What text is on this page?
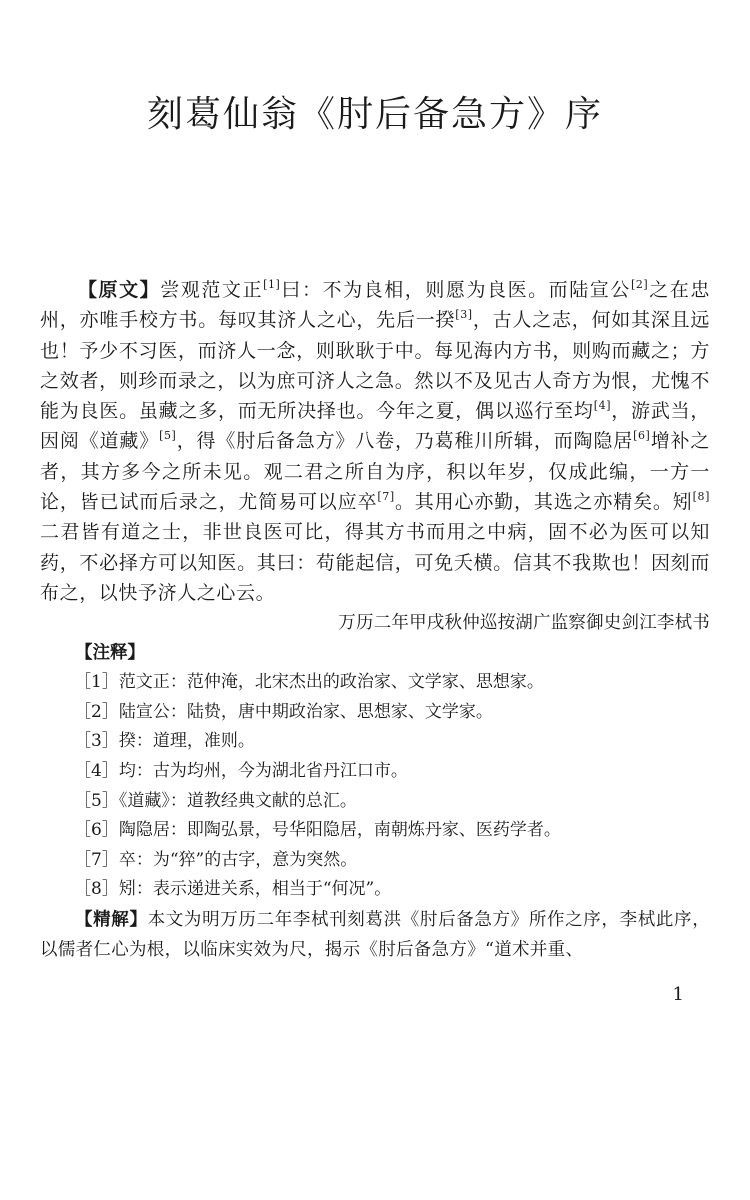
刻葛仙翁《肘后备急方》序

【原文】尝观范文正[1]曰：不为良相，则愿为良医。而陆宣公[2]之在忠州，亦唯手校方书。每叹其济人之心，先后一揆[3]，古人之志，何如其深且远也！予少不习医，而济人一念，则耿耿于中。每见海内方书，则购而藏之；方之效者，则珍而录之，以为庶可济人之急。然以不及见古人奇方为恨，尤愧不能为良医。虽藏之多，而无所决择也。今年之夏，偶以巡行至均[4]，游武当，因阅《道藏》[5]，得《肘后备急方》八卷，乃葛稚川所辑，而陶隐居[6]增补之者，其方多今之所未见。观二君之所自为序，积以年岁，仅成此编，一方一论，皆已试而后录之，尤简易可以应卒[7]。其用心亦勤，其选之亦精矣。矧[8]二君皆有道之士，非世良医可比，得其方书而用之中病，固不必为医可以知药，不必择方可以知医。其曰：苟能起信，可免夭横。信其不我欺也！因刻而布之，以快予济人之心云。

万历二年甲戌秋仲巡按湖广监察御史剑江李栻书

【注释】

［1］范文正：范仲淹，北宋杰出的政治家、文学家、思想家。
［2］陆宣公：陆贽，唐中期政治家、思想家、文学家。
［3］揆：道理，准则。
［4］均：古为均州，今为湖北省丹江口市。
［5］《道藏》：道教经典文献的总汇。
［6］陶隐居：即陶弘景，号华阳隐居，南朝炼丹家、医药学者。
［7］卒：为“猝”的古字，意为突然。
［8］矧：表示递进关系，相当于“何况”。

【精解】本文为明万历二年李栻刊刻葛洪《肘后备急方》所作之序，李栻此序，以儒者仁心为根，以临床实效为尺，揭示《肘后备急方》“道术并重、

1
